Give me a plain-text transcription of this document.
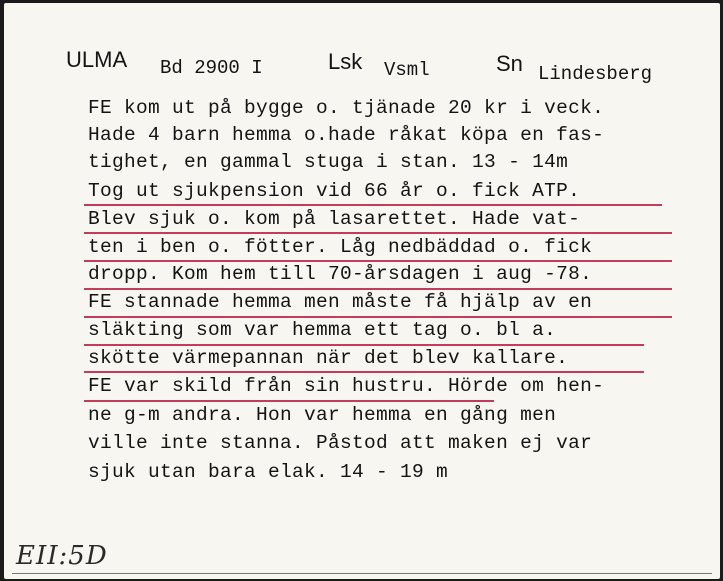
ULMA Bd 2900 I	Lsk Vsml	Sn Lindesberg
FE kom ut på bygge o. tjänade 20 kr i veck.
Hade 4 barn hemma o.hade råkat köpa en fas-
tighet, en gammal stuga i stan. 13 - 14m
Tog ut sjukpension vid 66 år o. fick ATP.
Blev sjuk o. kom på lasarettet. Hade vat-
ten i ben o. fötter. Låg nedbäddad o. fick
dropp. Kom hem till 70-årsdagen i aug -78.
FE stannade hemma men måste få hjälp av en
släkting som var hemma ett tag o. bl a.
skötte värmepannan när det blev kallare.
FE var skild från sin hustru. Hörde om hen-
ne g-m andra. Hon var hemma en gång men
ville inte stanna. Påstod att maken ej var
sjuk utan bara elak. 14 - 19 m
EII:5D
